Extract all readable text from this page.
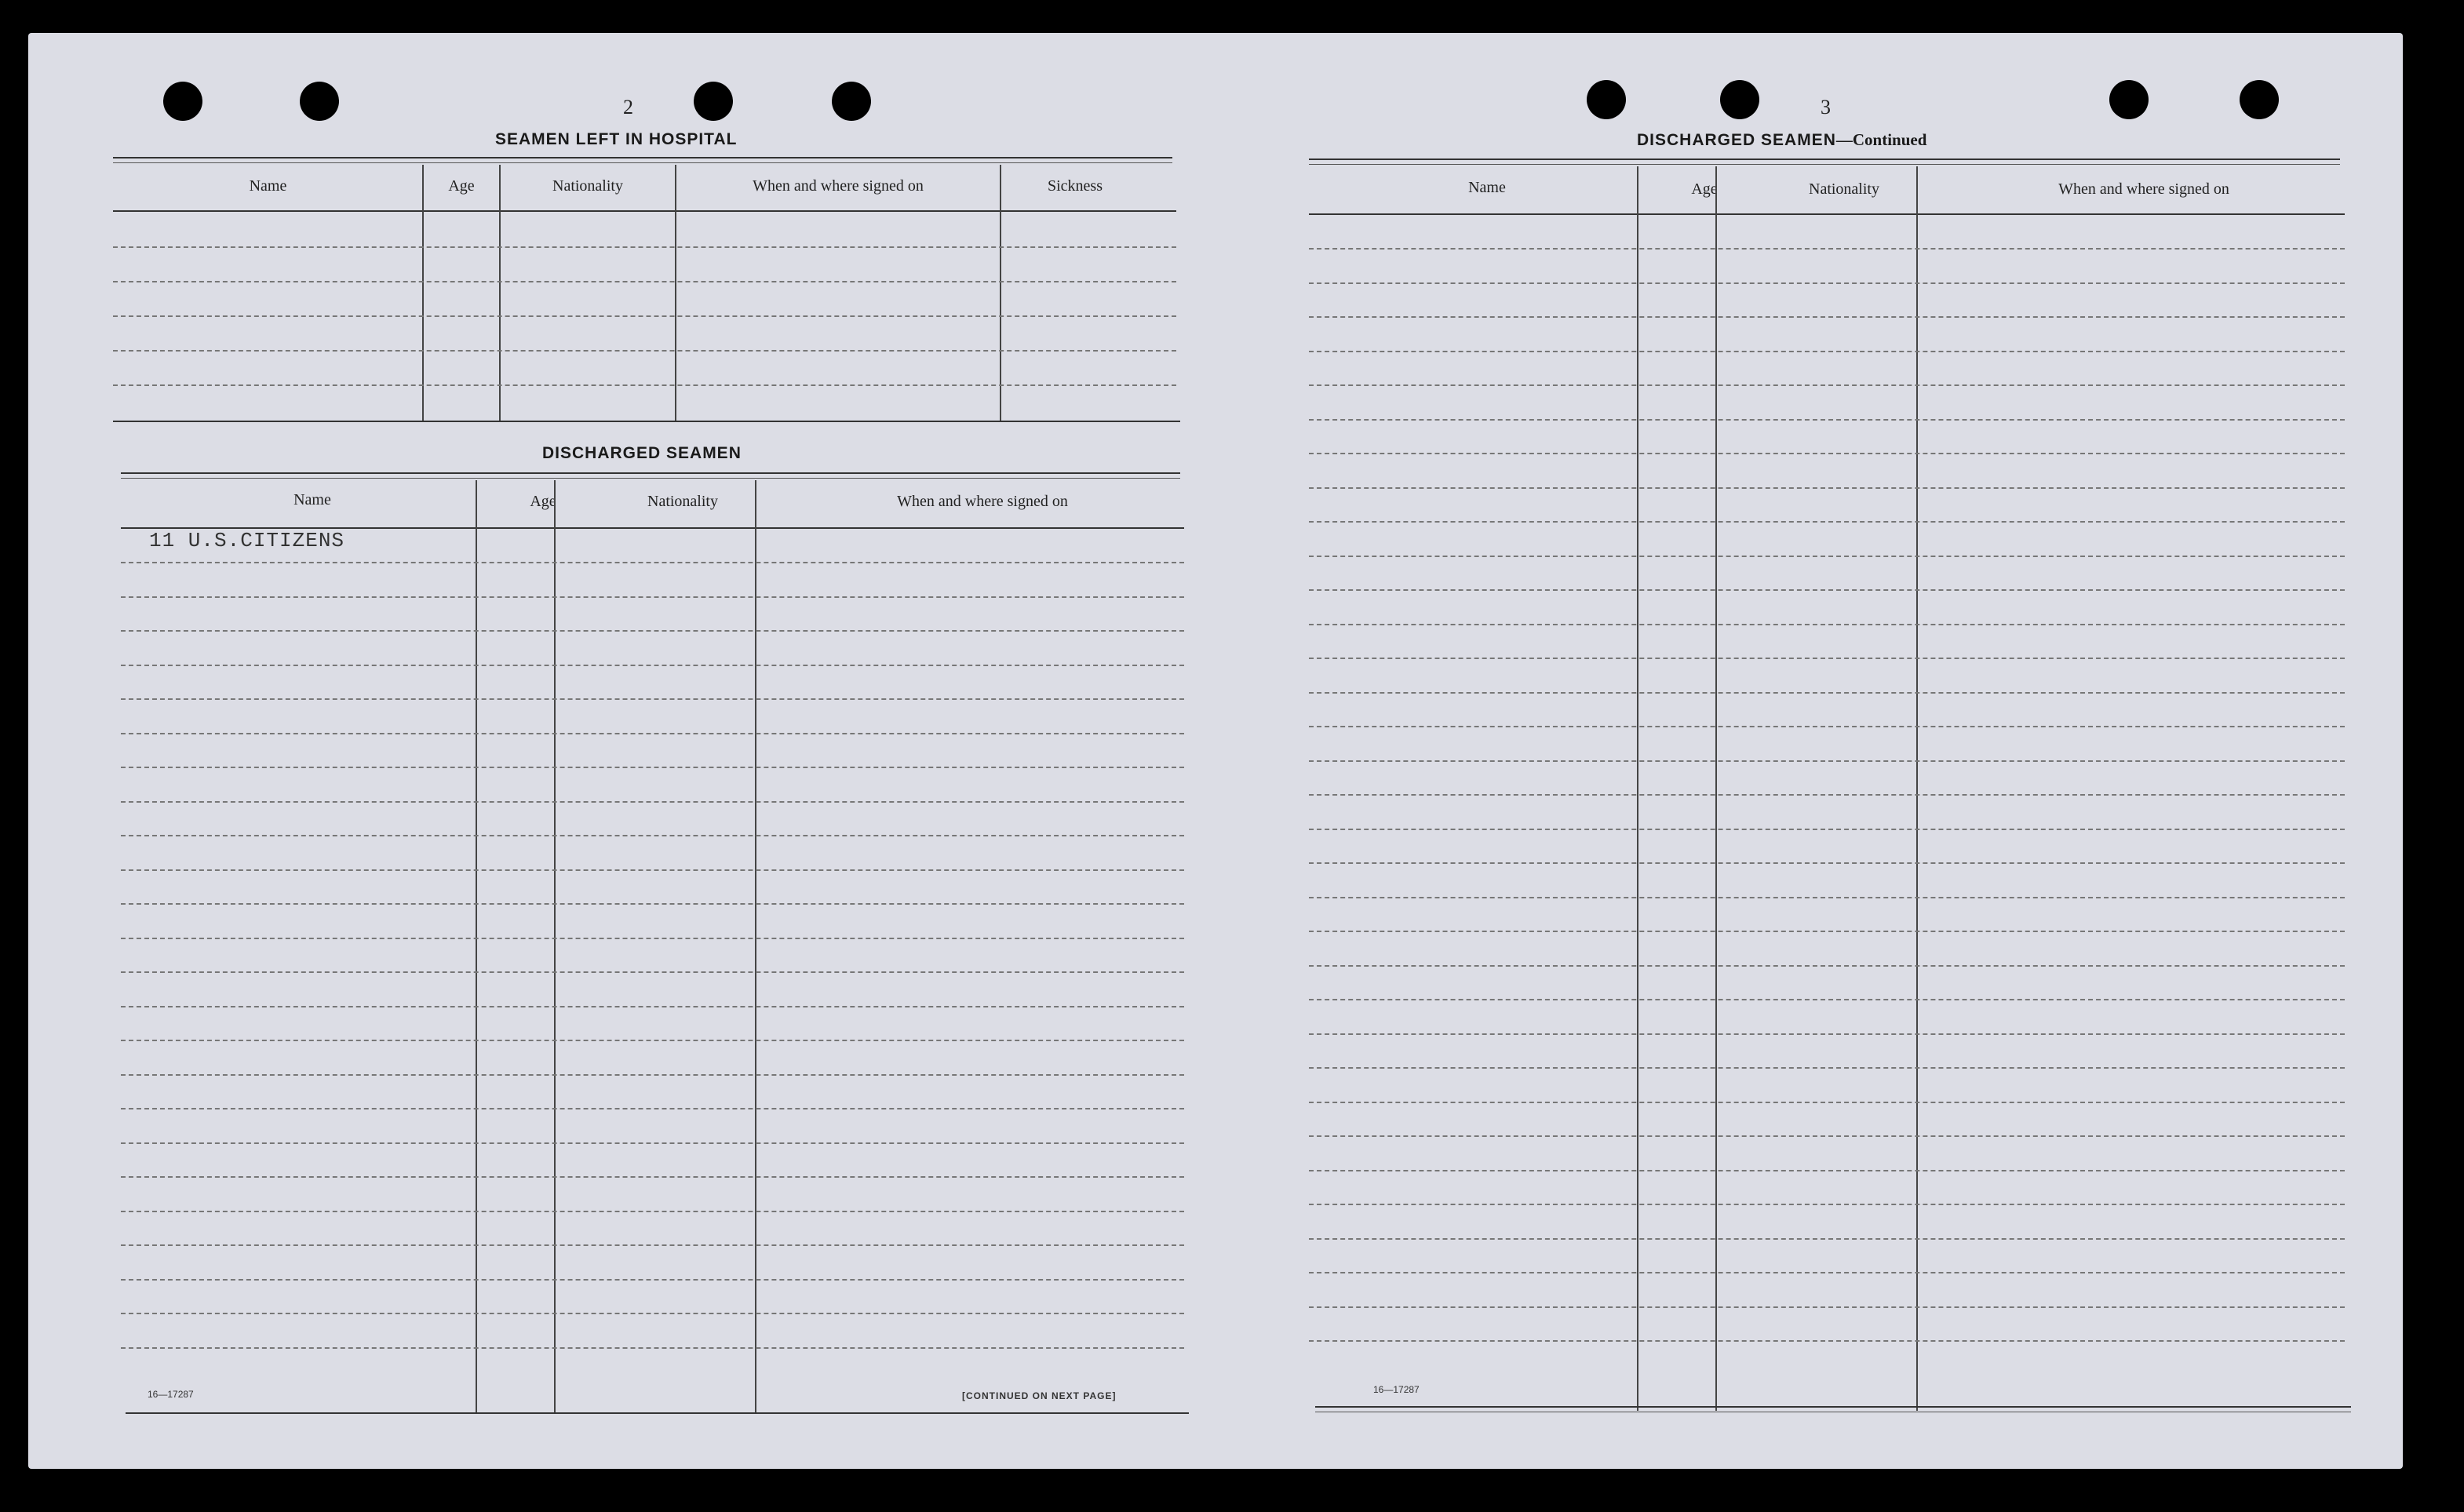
2
SEAMEN LEFT IN HOSPITAL
Name	Age	Nationality	When and where signed on	Sickness
DISCHARGED SEAMEN
Name	Age	Nationality	When and where signed on
11 U.S.CITIZENS
16—17287	[CONTINUED ON NEXT PAGE]
3
DISCHARGED SEAMEN—Continued
Name	Age	Nationality	When and where signed on
16—17287
